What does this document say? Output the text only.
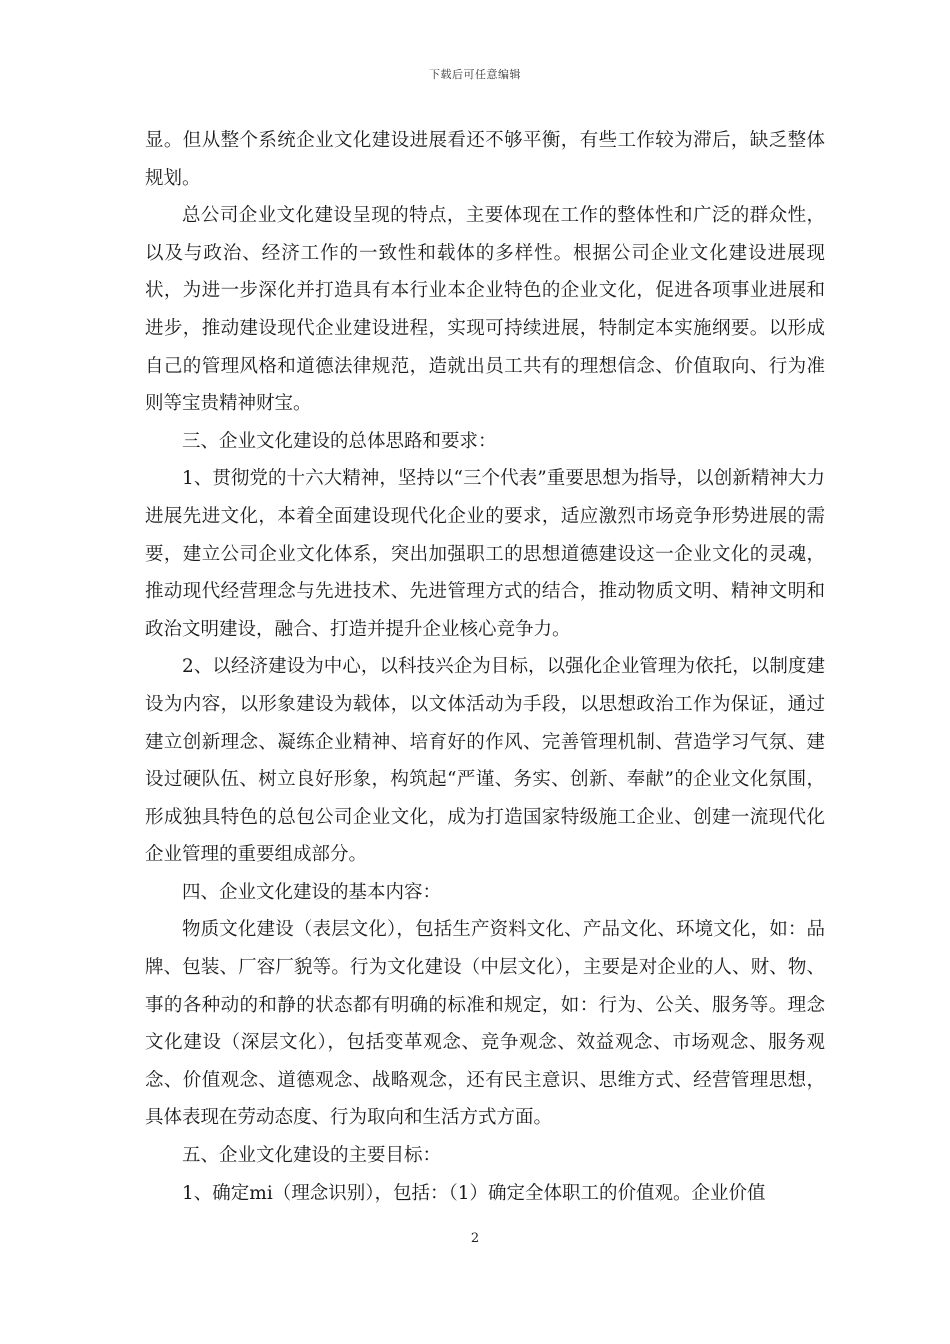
下载后可任意编辑

显。但从整个系统企业文化建设进展看还不够平衡，有些工作较为滞后，缺乏整体规划。

总公司企业文化建设呈现的特点，主要体现在工作的整体性和广泛的群众性，以及与政治、经济工作的一致性和载体的多样性。根据公司企业文化建设进展现状，为进一步深化并打造具有本行业本企业特色的企业文化，促进各项事业进展和进步，推动建设现代企业建设进程，实现可持续进展，特制定本实施纲要。以形成自己的管理风格和道德法律规范，造就出员工共有的理想信念、价值取向、行为准则等宝贵精神财宝。

三、企业文化建设的总体思路和要求：

1、贯彻党的十六大精神，坚持以“三个代表”重要思想为指导，以创新精神大力进展先进文化，本着全面建设现代化企业的要求，适应激烈市场竞争形势进展的需要，建立公司企业文化体系，突出加强职工的思想道德建设这一企业文化的灵魂，推动现代经营理念与先进技术、先进管理方式的结合，推动物质文明、精神文明和政治文明建设，融合、打造并提升企业核心竞争力。

2、以经济建设为中心，以科技兴企为目标，以强化企业管理为依托，以制度建设为内容，以形象建设为载体，以文体活动为手段，以思想政治工作为保证，通过建立创新理念、凝练企业精神、培育好的作风、完善管理机制、营造学习气氛、建设过硬队伍、树立良好形象，构筑起“严谨、务实、创新、奉献”的企业文化氛围，形成独具特色的总包公司企业文化，成为打造国家特级施工企业、创建一流现代化企业管理的重要组成部分。

四、企业文化建设的基本内容：

物质文化建设（表层文化），包括生产资料文化、产品文化、环境文化，如：品牌、包装、厂容厂貌等。行为文化建设（中层文化），主要是对企业的人、财、物、事的各种动的和静的状态都有明确的标准和规定，如：行为、公关、服务等。理念文化建设（深层文化），包括变革观念、竞争观念、效益观念、市场观念、服务观念、价值观念、道德观念、战略观念，还有民主意识、思维方式、经营管理思想，具体表现在劳动态度、行为取向和生活方式方面。

五、企业文化建设的主要目标：

1、确定mi（理念识别），包括：（1）确定全体职工的价值观。企业价值

2
